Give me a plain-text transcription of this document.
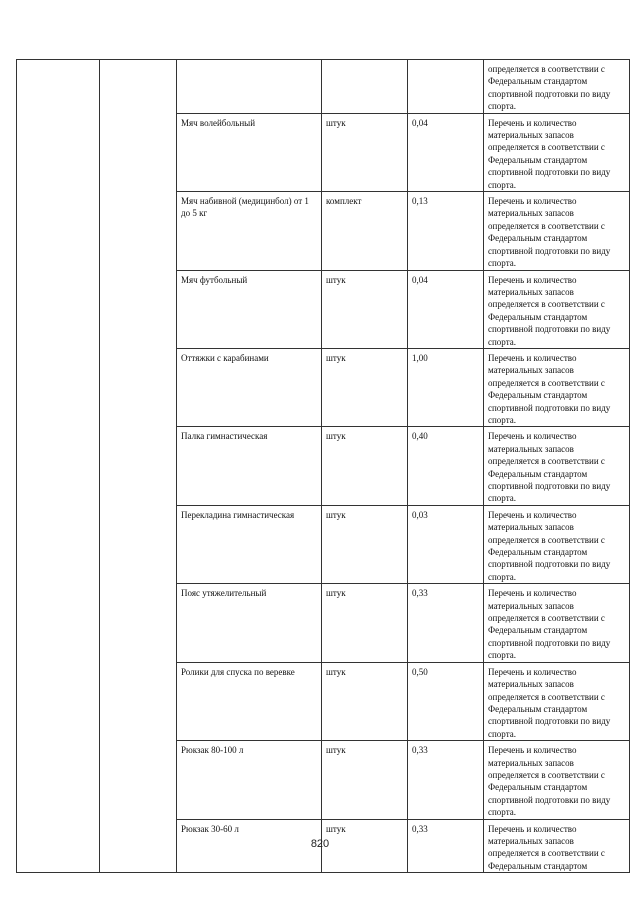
					определяется в соответствии с Федеральным стандартом спортивной подготовки по виду спорта.
		Мяч волейбольный	штук	0,04	Перечень и количество материальных запасов определяется в соответствии с Федеральным стандартом спортивной подготовки по виду спорта.
		Мяч набивной (медицинбол) от 1 до 5 кг	комплект	0,13	Перечень и количество материальных запасов определяется в соответствии с Федеральным стандартом спортивной подготовки по виду спорта.
		Мяч футбольный	штук	0,04	Перечень и количество материальных запасов определяется в соответствии с Федеральным стандартом спортивной подготовки по виду спорта.
		Оттяжки с карабинами	штук	1,00	Перечень и количество материальных запасов определяется в соответствии с Федеральным стандартом спортивной подготовки по виду спорта.
		Палка гимнастическая	штук	0,40	Перечень и количество материальных запасов определяется в соответствии с Федеральным стандартом спортивной подготовки по виду спорта.
		Перекладина гимнастическая	штук	0,03	Перечень и количество материальных запасов определяется в соответствии с Федеральным стандартом спортивной подготовки по виду спорта.
		Пояс утяжелительный	штук	0,33	Перечень и количество материальных запасов определяется в соответствии с Федеральным стандартом спортивной подготовки по виду спорта.
		Ролики для спуска по веревке	штук	0,50	Перечень и количество материальных запасов определяется в соответствии с Федеральным стандартом спортивной подготовки по виду спорта.
		Рюкзак 80-100 л	штук	0,33	Перечень и количество материальных запасов определяется в соответствии с Федеральным стандартом спортивной подготовки по виду спорта.
		Рюкзак 30-60 л	штук	0,33	Перечень и количество материальных запасов определяется в соответствии с Федеральным стандартом
820
